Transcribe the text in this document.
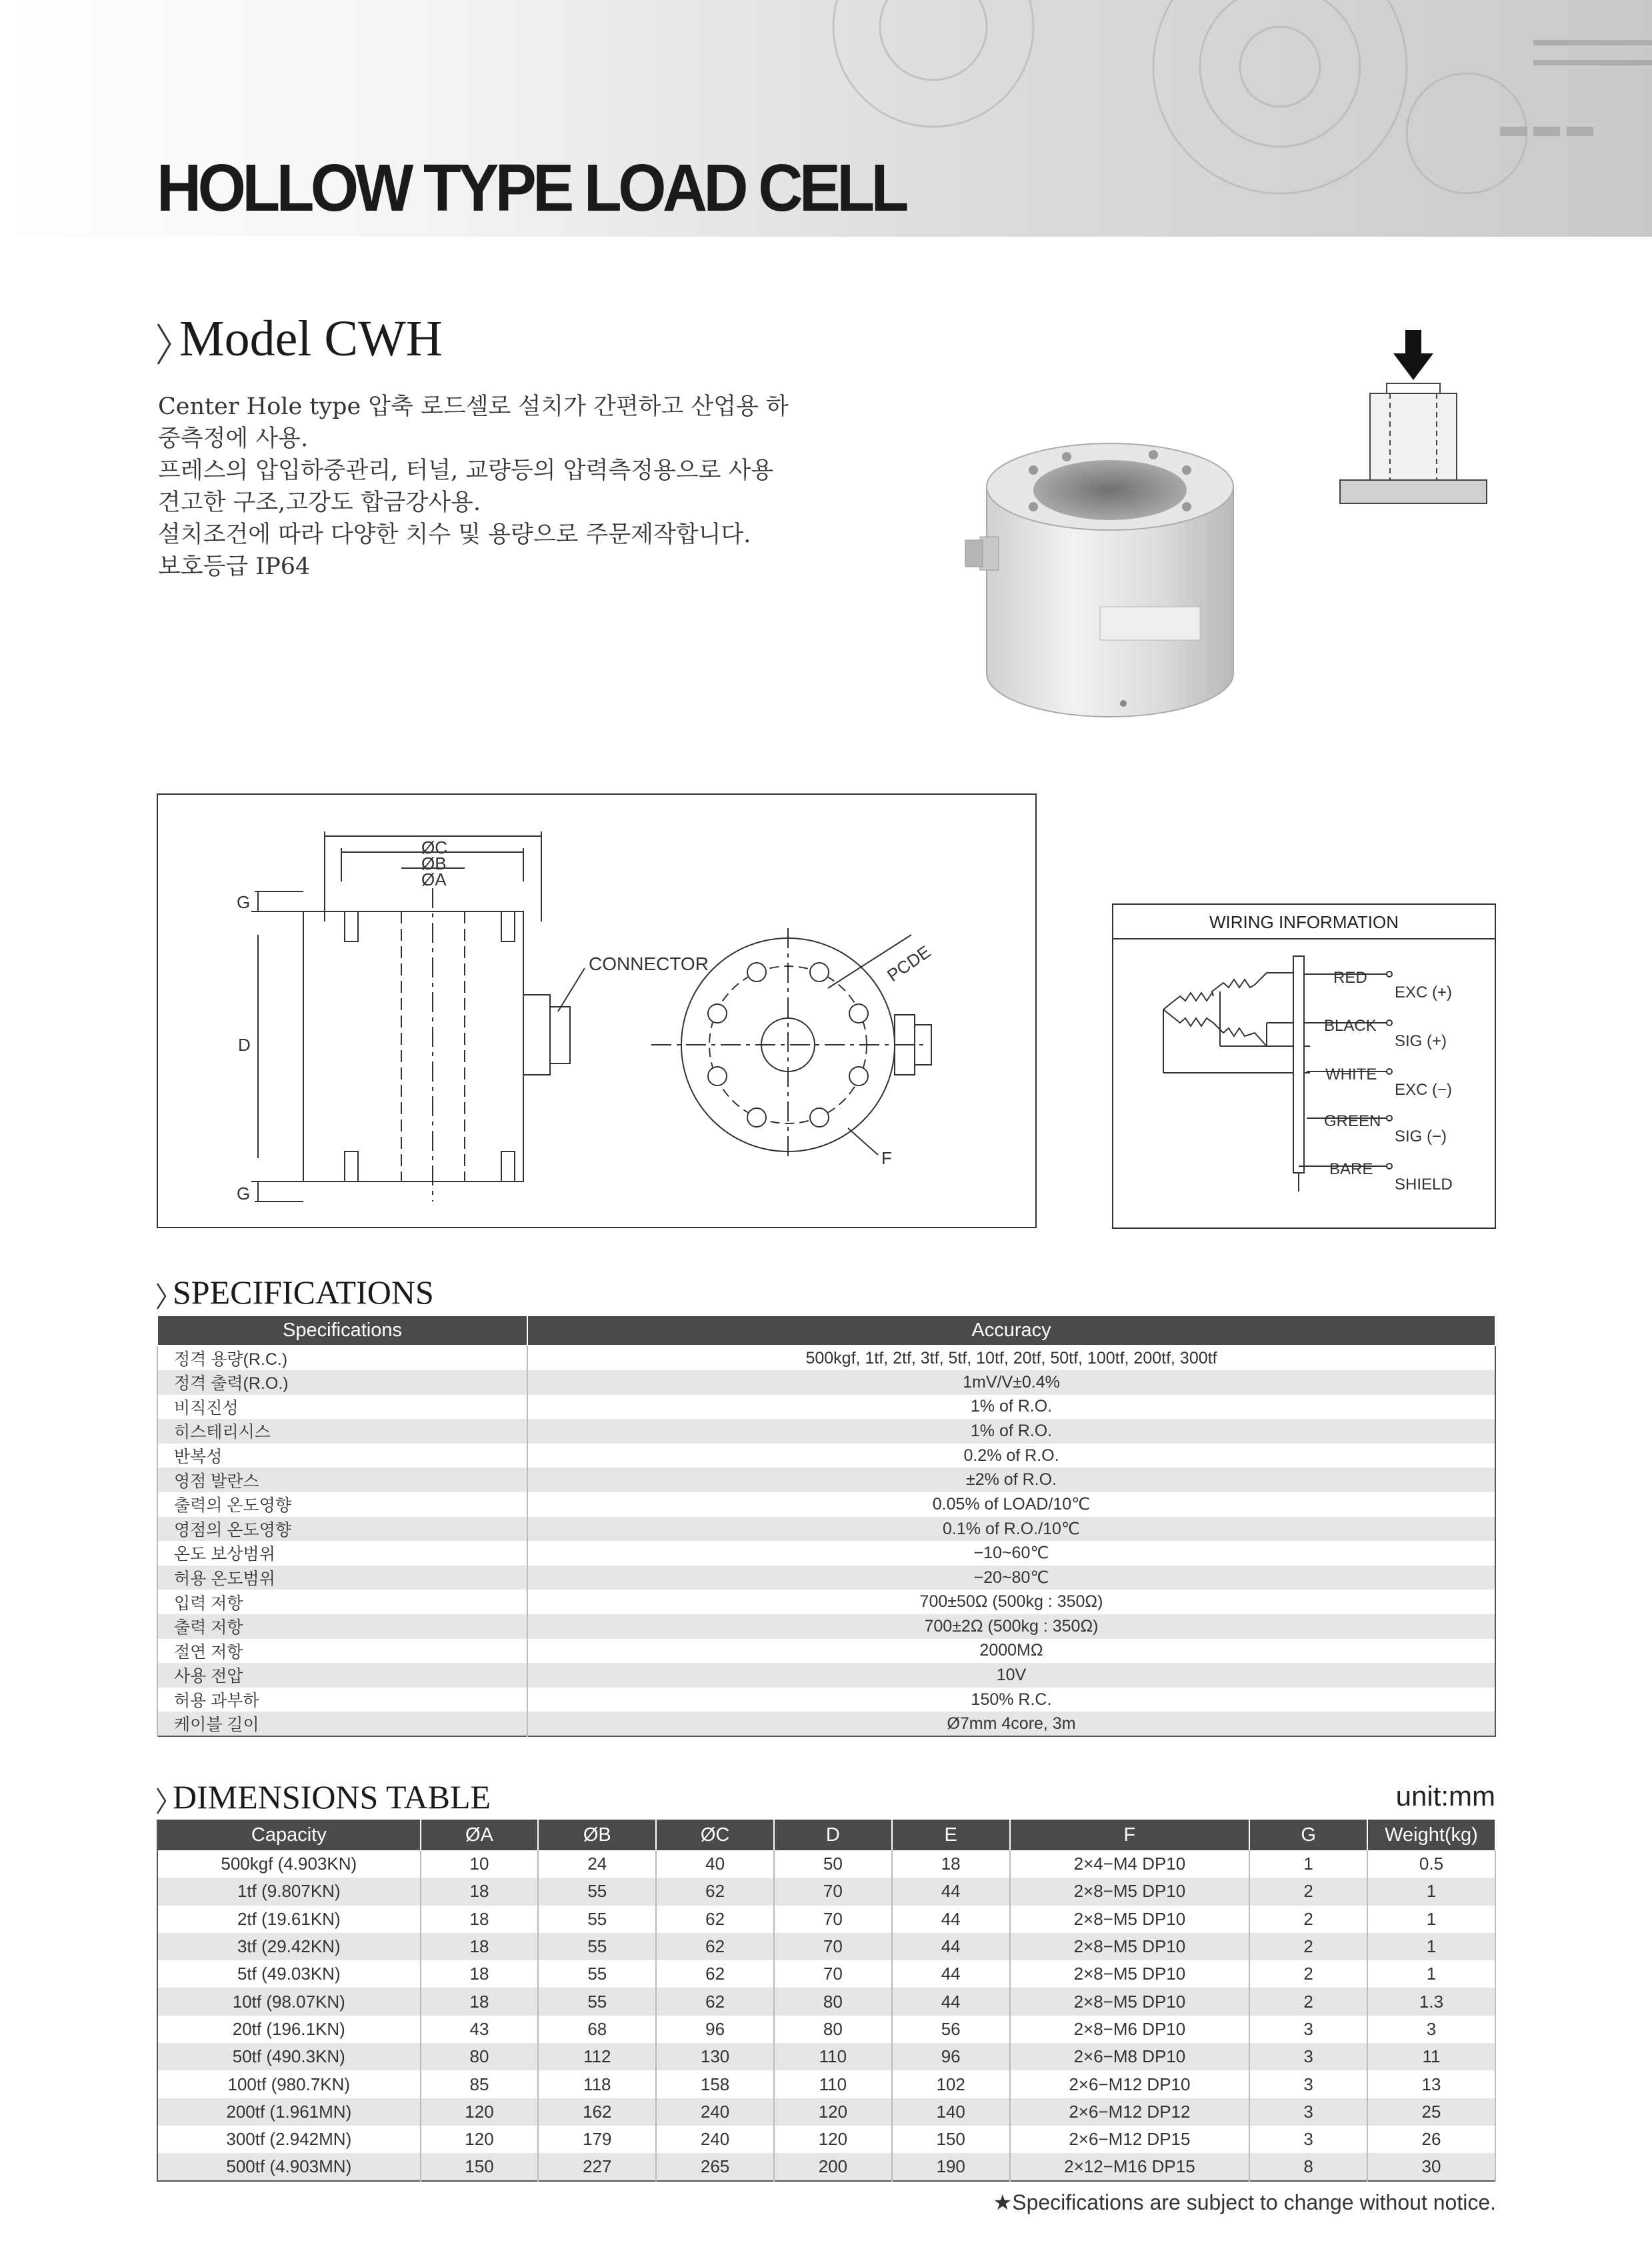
HOLLOW TYPE LOAD CELL
Model CWH

Center Hole type 압축 로드셀로 설치가 간편하고 산업용 하

중측정에 사용.

프레스의 압입하중관리, 터널, 교량등의 압력측정용으로 사용

견고한 구조,고강도 합금강사용.

설치조건에 따라 다양한 치수 및 용량으로 주문제작합니다.

보호등급 IP64

ØC
ØB
ØA
G
D
G
CONNECTOR	PCDE
F
WIRING INFORMATION
RED
EXC (+)
BLACK
SIG (+)
WHITE
EXC (−)
GREEN
SIG (−)
BARE
SHIELD
SPECIFICATIONS
Specifications	Accuracy
정격 용량(R.C.)	500kgf, 1tf, 2tf, 3tf, 5tf, 10tf, 20tf, 50tf, 100tf, 200tf, 300tf
정격 출력(R.O.)	1mV/V±0.4%
비직진성	1% of R.O.
히스테리시스	1% of R.O.
반복성	0.2% of R.O.
영점 발란스	±2% of R.O.
출력의 온도영향	0.05% of LOAD/10℃
영점의 온도영향	0.1% of R.O./10℃
온도 보상범위	−10~60℃
허용 온도범위	−20~80℃
입력 저항	700±50Ω (500kg : 350Ω)
출력 저항	700±2Ω (500kg : 350Ω)
절연 저항	2000MΩ
사용 전압	10V
허용 과부하	150% R.C.
케이블 길이	Ø7mm 4core, 3m
DIMENSIONS TABLE	unit:mm
Capacity	ØA	ØB	ØC	D	E	F	G	Weight(kg)
500kgf (4.903KN)	10	24	40	50	18	2×4−M4 DP10	1	0.5
1tf (9.807KN)	18	55	62	70	44	2×8−M5 DP10	2	1
2tf (19.61KN)	18	55	62	70	44	2×8−M5 DP10	2	1
3tf (29.42KN)	18	55	62	70	44	2×8−M5 DP10	2	1
5tf (49.03KN)	18	55	62	70	44	2×8−M5 DP10	2	1
10tf (98.07KN)	18	55	62	80	44	2×8−M5 DP10	2	1.3
20tf (196.1KN)	43	68	96	80	56	2×8−M6 DP10	3	3
50tf (490.3KN)	80	112	130	110	96	2×6−M8 DP10	3	11
100tf (980.7KN)	85	118	158	110	102	2×6−M12 DP10	3	13
200tf (1.961MN)	120	162	240	120	140	2×6−M12 DP12	3	25
300tf (2.942MN)	120	179	240	120	150	2×6−M12 DP15	3	26
500tf (4.903MN)	150	227	265	200	190	2×12−M16 DP15	8	30
★Specifications are subject to change without notice.
